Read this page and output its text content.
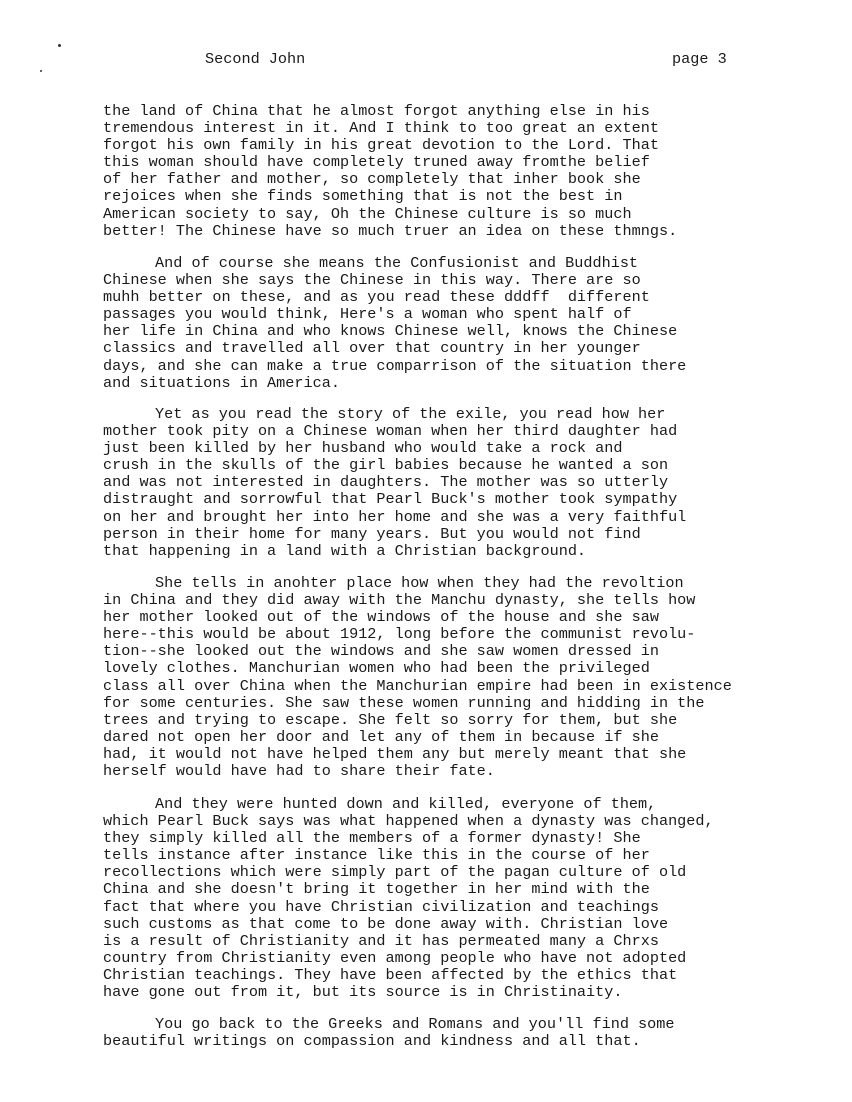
Second John	page 3
the land of China that he almost forgot anything else in his
tremendous interest in it. And I think to too great an extent
forgot his own family in his great devotion to the Lord. That
this woman should have completely truned away fromthe belief
of her father and mother, so completely that inher book she
rejoices when she finds something that is not the best in
American society to say, Oh the Chinese culture is so much
better! The Chinese have so much truer an idea on these thmngs.
And of course she means the Confusionist and Buddhist
Chinese when she says the Chinese in this way. There are so
muhh better on these, and as you read these dddff  different
passages you would think, Here's a woman who spent half of
her life in China and who knows Chinese well, knows the Chinese
classics and travelled all over that country in her younger
days, and she can make a true comparrison of the situation there
and situations in America.
Yet as you read the story of the exile, you read how her
mother took pity on a Chinese woman when her third daughter had
just been killed by her husband who would take a rock and
crush in the skulls of the girl babies because he wanted a son
and was not interested in daughters. The mother was so utterly
distraught and sorrowful that Pearl Buck's mother took sympathy
on her and brought her into her home and she was a very faithful
person in their home for many years. But you would not find
that happening in a land with a Christian background.
She tells in anohter place how when they had the revoltion
in China and they did away with the Manchu dynasty, she tells how
her mother looked out of the windows of the house and she saw
here--this would be about 1912, long before the communist revolu-
tion--she looked out the windows and she saw women dressed in
lovely clothes. Manchurian women who had been the privileged
class all over China when the Manchurian empire had been in existence
for some centuries. She saw these women running and hidding in the
trees and trying to escape. She felt so sorry for them, but she
dared not open her door and let any of them in because if she
had, it would not have helped them any but merely meant that she
herself would have had to share their fate.
And they were hunted down and killed, everyone of them,
which Pearl Buck says was what happened when a dynasty was changed,
they simply killed all the members of a former dynasty! She
tells instance after instance like this in the course of her
recollections which were simply part of the pagan culture of old
China and she doesn't bring it together in her mind with the
fact that where you have Christian civilization and teachings
such customs as that come to be done away with. Christian love
is a result of Christianity and it has permeated many a Chrxs
country from Christianity even among people who have not adopted
Christian teachings. They have been affected by the ethics that
have gone out from it, but its source is in Christinaity.
You go back to the Greeks and Romans and you'll find some
beautiful writings on compassion and kindness and all that.
